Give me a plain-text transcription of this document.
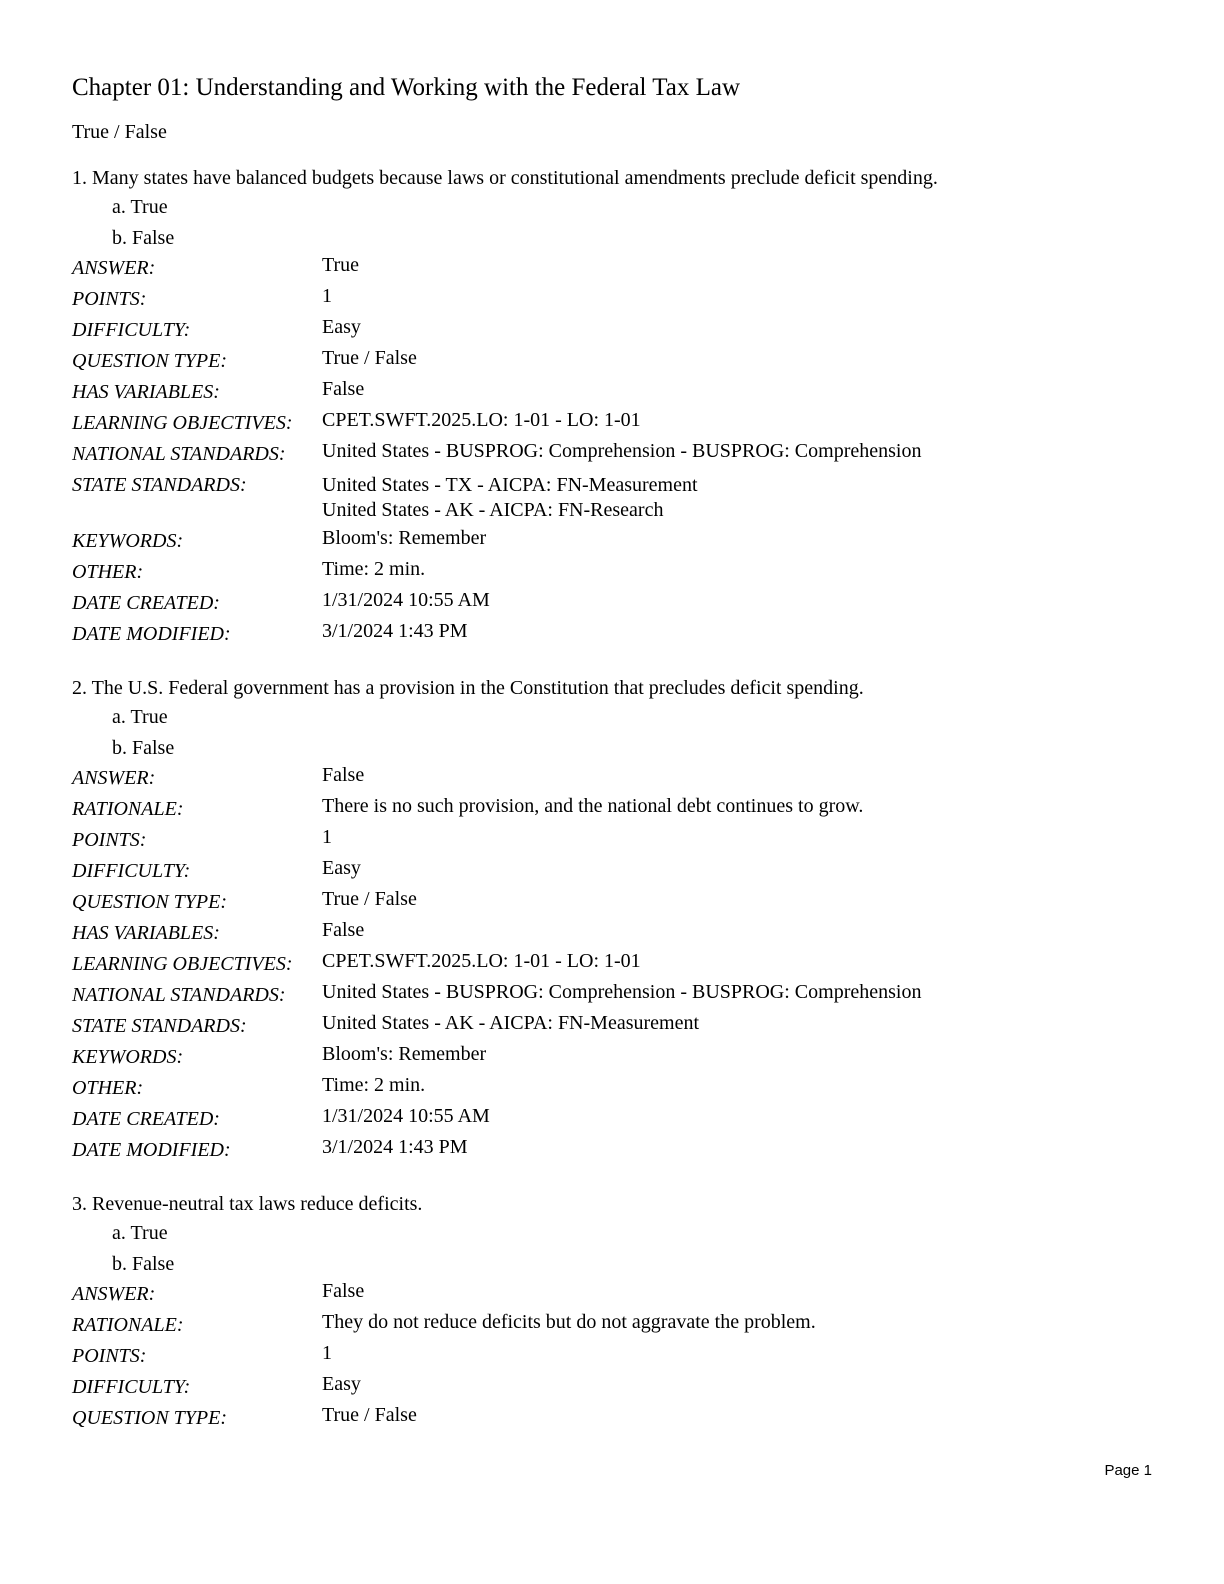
Chapter 01: Understanding and Working with the Federal Tax Law
True / False

1. Many states have balanced budgets because laws or constitutional amendments preclude deficit spending.

a. True
b. False
ANSWER:	True

POINTS:	1

DIFFICULTY:	Easy

QUESTION TYPE:	True / False

HAS VARIABLES:	False

LEARNING OBJECTIVES:	CPET.SWFT.2025.LO: 1-01 - LO: 1-01

NATIONAL STANDARDS:	United States - BUSPROG: Comprehension - BUSPROG: Comprehension

STATE STANDARDS:	United States - TX - AICPA: FN-Measurement
United States - AK - AICPA: FN-Research

KEYWORDS:	Bloom's: Remember

OTHER:	Time: 2 min.

DATE CREATED:	1/31/2024 10:55 AM

DATE MODIFIED:	3/1/2024 1:43 PM

2. The U.S. Federal government has a provision in the Constitution that precludes deficit spending.

a. True
b. False
ANSWER:	False

RATIONALE:	There is no such provision, and the national debt continues to grow.

POINTS:	1

DIFFICULTY:	Easy

QUESTION TYPE:	True / False

HAS VARIABLES:	False

LEARNING OBJECTIVES:	CPET.SWFT.2025.LO: 1-01 - LO: 1-01

NATIONAL STANDARDS:	United States - BUSPROG: Comprehension - BUSPROG: Comprehension

STATE STANDARDS:	United States - AK - AICPA: FN-Measurement

KEYWORDS:	Bloom's: Remember

OTHER:	Time: 2 min.

DATE CREATED:	1/31/2024 10:55 AM

DATE MODIFIED:	3/1/2024 1:43 PM

3. Revenue-neutral tax laws reduce deficits.

a. True
b. False
ANSWER:	False

RATIONALE:	They do not reduce deficits but do not aggravate the problem.

POINTS:	1

DIFFICULTY:	Easy

QUESTION TYPE:	True / False
Page 1
